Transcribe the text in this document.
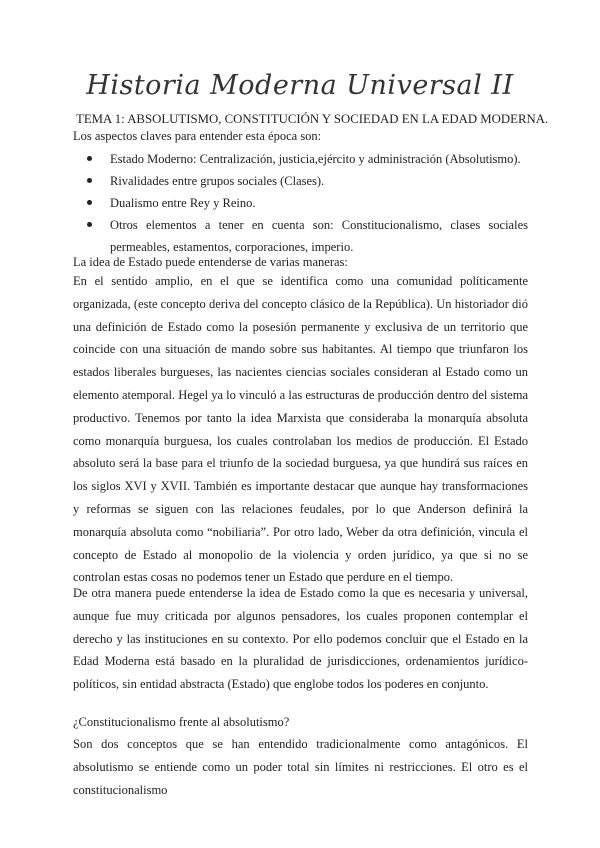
Historia Moderna Universal II
TEMA 1: ABSOLUTISMO, CONSTITUCIÓN Y SOCIEDAD EN LA EDAD MODERNA.
Los aspectos claves para entender esta época son:
Estado Moderno: Centralización, justicia,ejército y administración (Absolutismo).
Rivalidades entre grupos sociales (Clases).
Dualismo entre Rey y Reino.
Otros elementos a tener en cuenta son: Constitucionalismo, clases sociales permeables, estamentos, corporaciones, imperio.
La idea de Estado puede entenderse de varias maneras:

En el sentido amplio, en el que se identifica como una comunidad políticamente organizada, (este concepto deriva del concepto clásico de la República). Un historiador dió una definición de Estado como la posesión permanente y exclusiva de un territorio que coincide con una situación de mando sobre sus habitantes. Al tiempo que triunfaron los estados liberales burgueses, las nacientes ciencias sociales consideran al Estado como un elemento atemporal. Hegel ya lo vinculó a las estructuras de producción dentro del sistema productivo. Tenemos por tanto la idea Marxista que consideraba la monarquía absoluta como monarquía burguesa, los cuales controlaban los medios de producción. El Estado absoluto será la base para el triunfo de la sociedad burguesa, ya que hundirá sus raíces en los siglos XVI y XVII. También es importante destacar que aunque hay transformaciones y reformas se siguen con las relaciones feudales, por lo que Anderson definirá la monarquía absoluta como “nobiliaria”. Por otro lado, Weber da otra definición, vincula el concepto de Estado al monopolio de la violencia y orden jurídico, ya que si no se controlan estas cosas no podemos tener un Estado que perdure en el tiempo.

De otra manera puede entenderse la idea de Estado como la que es necesaria y universal, aunque fue muy criticada por algunos pensadores, los cuales proponen contemplar el derecho y las instituciones en su contexto. Por ello podemos concluir que el Estado en la Edad Moderna está basado en la pluralidad de jurisdicciones, ordenamientos jurídico-políticos, sin entidad abstracta (Estado) que englobe todos los poderes en conjunto.

¿Constitucionalismo frente al absolutismo?

Son dos conceptos que se han entendido tradicionalmente como antagónicos. El absolutismo se entiende como un poder total sin límites ni restricciones. El otro es el constitucionalismo
